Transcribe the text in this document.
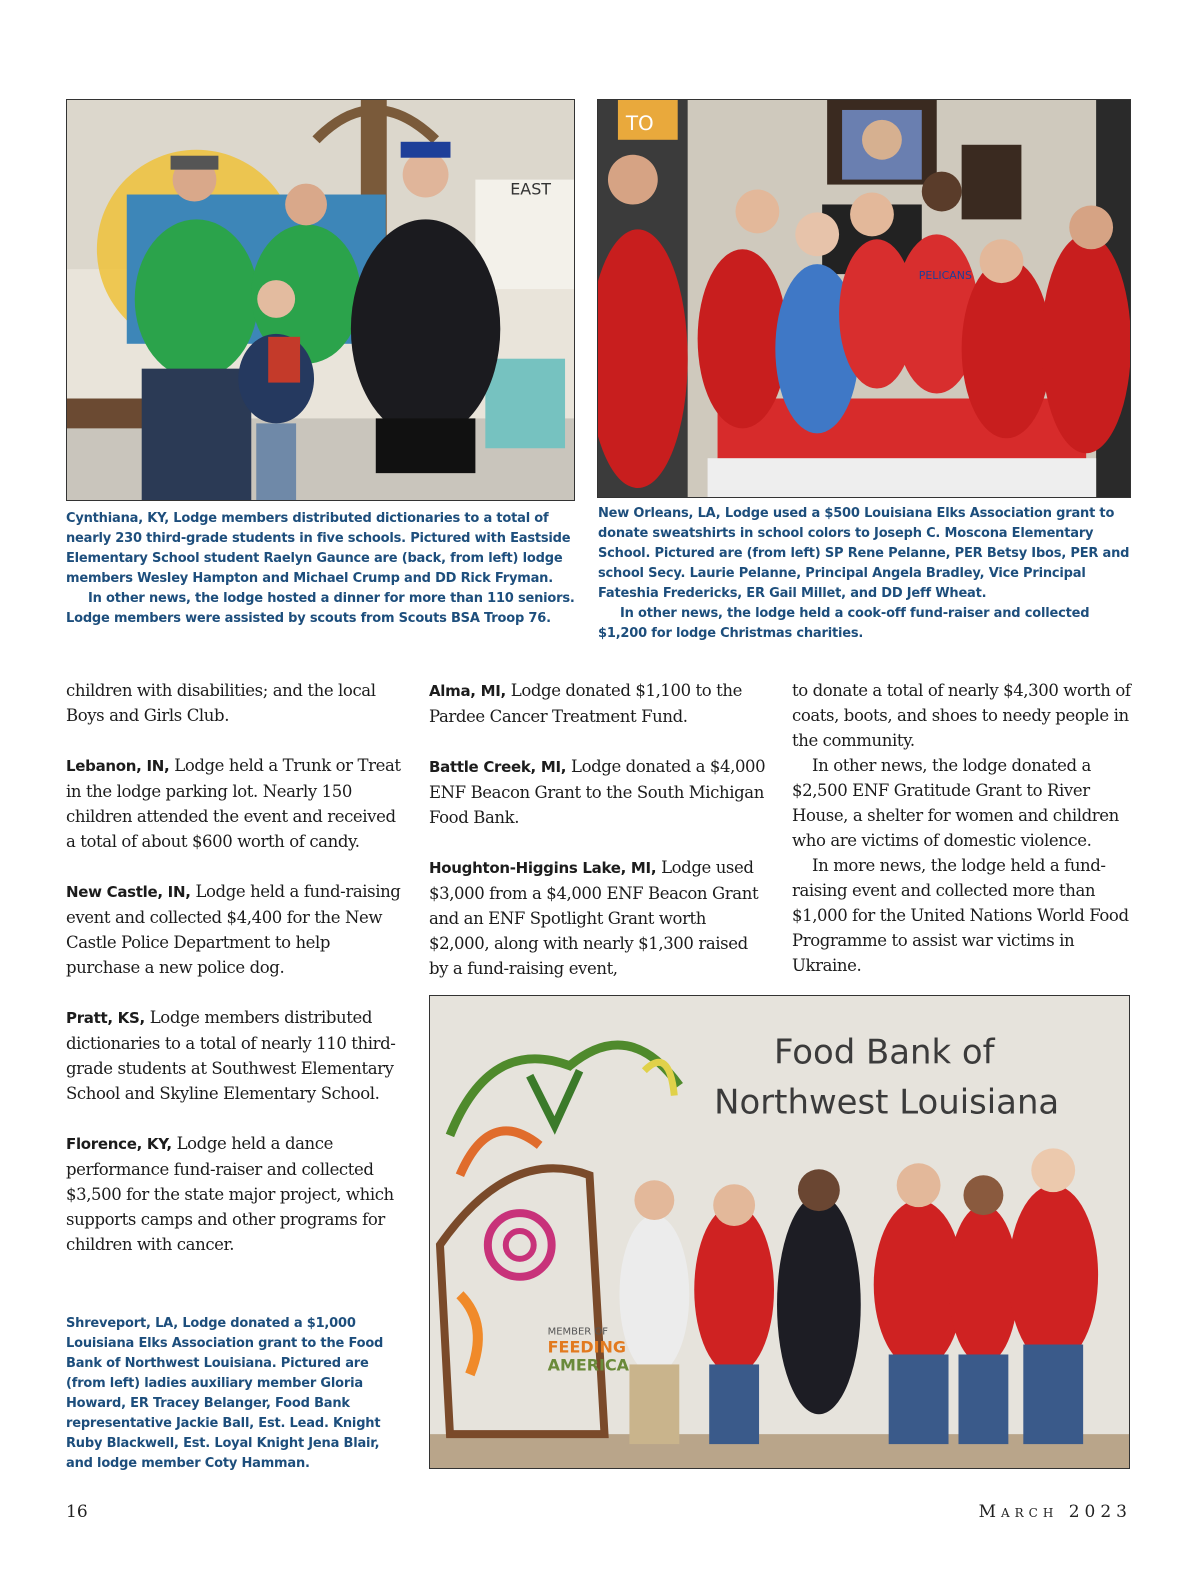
EAST
TO
PELICANS

Cynthiana, KY, Lodge members distributed dictionaries to a total of nearly 230 third-grade students in five schools. Pictured with Eastside Elementary School student Raelyn Gaunce are (back, from left) lodge members Wesley Hampton and Michael Crump and DD Rick Fryman.

In other news, the lodge hosted a dinner for more than 110 seniors. Lodge members were assisted by scouts from Scouts BSA Troop 76.

New Orleans, LA, Lodge used a $500 Louisiana Elks Association grant to donate sweatshirts in school colors to Joseph C. Moscona Elementary School. Pictured are (from left) SP Rene Pelanne, PER Betsy Ibos, PER and school Secy. Laurie Pelanne, Principal Angela Bradley, Vice Principal Fateshia Fredericks, ER Gail Millet, and DD Jeff Wheat.

In other news, the lodge held a cook-off fund-raiser and collected $1,200 for lodge Christmas charities.

children with disabilities; and the local Boys and Girls Club.

Lebanon, IN, Lodge held a Trunk or Treat in the lodge parking lot. Nearly 150 children attended the event and received a total of about $600 worth of candy.

New Castle, IN, Lodge held a fund-raising event and collected $4,400 for the New Castle Police Department to help purchase a new police dog.

Pratt, KS, Lodge members distributed dictionaries to a total of nearly 110 third-grade students at Southwest Elementary School and Skyline Elementary School.

Florence, KY, Lodge held a dance performance fund-raiser and collected $3,500 for the state major project, which supports camps and other programs for children with cancer.

Shreveport, LA, Lodge donated a $1,000 Louisiana Elks Association grant to the Food Bank of Northwest Louisiana. Pictured are (from left) ladies auxiliary member Gloria Howard, ER Tracey Belanger, Food Bank representative Jackie Ball, Est. Lead. Knight Ruby Blackwell, Est. Loyal Knight Jena Blair, and lodge member Coty Hamman.

Alma, MI, Lodge donated $1,100 to the Pardee Cancer Treatment Fund.

Battle Creek, MI, Lodge donated a $4,000 ENF Beacon Grant to the South Michigan Food Bank.

Houghton-Higgins Lake, MI, Lodge used $3,000 from a $4,000 ENF Beacon Grant and an ENF Spotlight Grant worth $2,000, along with nearly $1,300 raised by a fund-raising event,

to donate a total of nearly $4,300 worth of coats, boots, and shoes to needy people in the community.

In other news, the lodge donated a $2,500 ENF Gratitude Grant to River House, a shelter for women and children who are victims of domestic violence.

In more news, the lodge held a fund-raising event and collected more than $1,000 for the United Nations World Food Programme to assist war victims in Ukraine.

MEMBER OF
FEEDING
AMERICA
Food Bank of
Northwest Louisiana
16	March 2023
